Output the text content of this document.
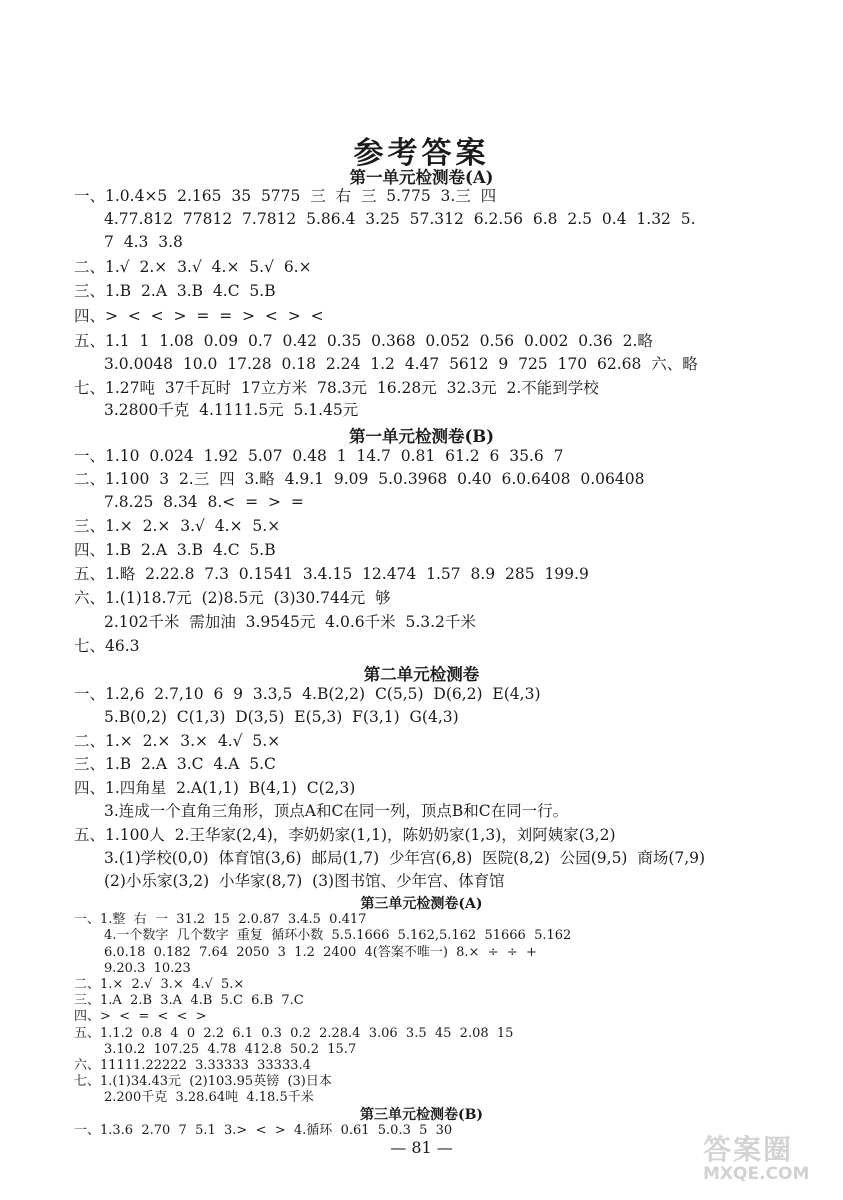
参考答案
第一单元检测卷(A)
一、1.0.4×5  2.165  35  5775  三  右  三  5.775  3.三  四
4.77.812  77812  7.7812  5.86.4  3.25  57.312  6.2.56  6.8  2.5  0.4  1.32  5.
7  4.3  3.8
二、1.√  2.×  3.√  4.×  5.√  6.×
三、1.B  2.A  3.B  4.C  5.B
四、>  <  <  >  =  =  >  <  >  <
五、1.1  1  1.08  0.09  0.7  0.42  0.35  0.368  0.052  0.56  0.002  0.36  2.略
3.0.0048  10.0  17.28  0.18  2.24  1.2  4.47  5612  9  725  170  62.68  六、略
七、1.27吨  37千瓦时  17立方米  78.3元  16.28元  32.3元  2.不能到学校
3.2800千克  4.1111.5元  5.1.45元
第一单元检测卷(B)
一、1.10  0.024  1.92  5.07  0.48  1  14.7  0.81  61.2  6  35.6  7
二、1.100  3  2.三  四  3.略  4.9.1  9.09  5.0.3968  0.40  6.0.6408  0.06408
7.8.25  8.34  8.<  =  >  =
三、1.×  2.×  3.√  4.×  5.×
四、1.B  2.A  3.B  4.C  5.B
五、1.略  2.22.8  7.3  0.1541  3.4.15  12.474  1.57  8.9  285  199.9
六、1.(1)18.7元  (2)8.5元  (3)30.744元  够
2.102千米  需加油  3.9545元  4.0.6千米  5.3.2千米
七、46.3
第二单元检测卷
一、1.2,6  2.7,10  6  9  3.3,5  4.B(2,2)  C(5,5)  D(6,2)  E(4,3)
5.B(0,2)  C(1,3)  D(3,5)  E(5,3)  F(3,1)  G(4,3)
二、1.×  2.×  3.×  4.√  5.×
三、1.B  2.A  3.C  4.A  5.C
四、1.四角星  2.A(1,1)  B(4,1)  C(2,3)
3.连成一个直角三角形，顶点A和C在同一列，顶点B和C在同一行。
五、1.100人  2.王华家(2,4)，李奶奶家(1,1)，陈奶奶家(1,3)，刘阿姨家(3,2)
3.(1)学校(0,0)  体育馆(3,6)  邮局(1,7)  少年宫(6,8)  医院(8,2)  公园(9,5)  商场(7,9)
(2)小乐家(3,2)  小华家(8,7)  (3)图书馆、少年宫、体育馆
— 81 —	答案圈
MXQE.COM
第三单元检测卷(A)
一、1.整  右  一  31.2  15  2.0.87  3.4.5  0.417
4.一个数字  几个数字  重复  循环小数  5.5.1666  5.162,5.162  51666  5.162
6.0.18  0.182  7.64  2050  3  1.2  2400  4(答案不唯一)  8.×  ÷  ÷  +
9.20.3  10.23
二、1.×  2.√  3.×  4.√  5.×
三、1.A  2.B  3.A  4.B  5.C  6.B  7.C
四、>  <  =  <  <  >
五、1.1.2  0.8  4  0  2.2  6.1  0.3  0.2  2.28.4  3.06  3.5  45  2.08  15
3.10.2  107.25  4.78  412.8  50.2  15.7
六、11111.22222  3.33333  33333.4
七、1.(1)34.43元  (2)103.95英镑  (3)日本
2.200千克  3.28.64吨  4.18.5千米
第三单元检测卷(B)
一、1.3.6  2.70  7  5.1  3.>  <  >  4.循环  0.61  5.0.3  5  30
